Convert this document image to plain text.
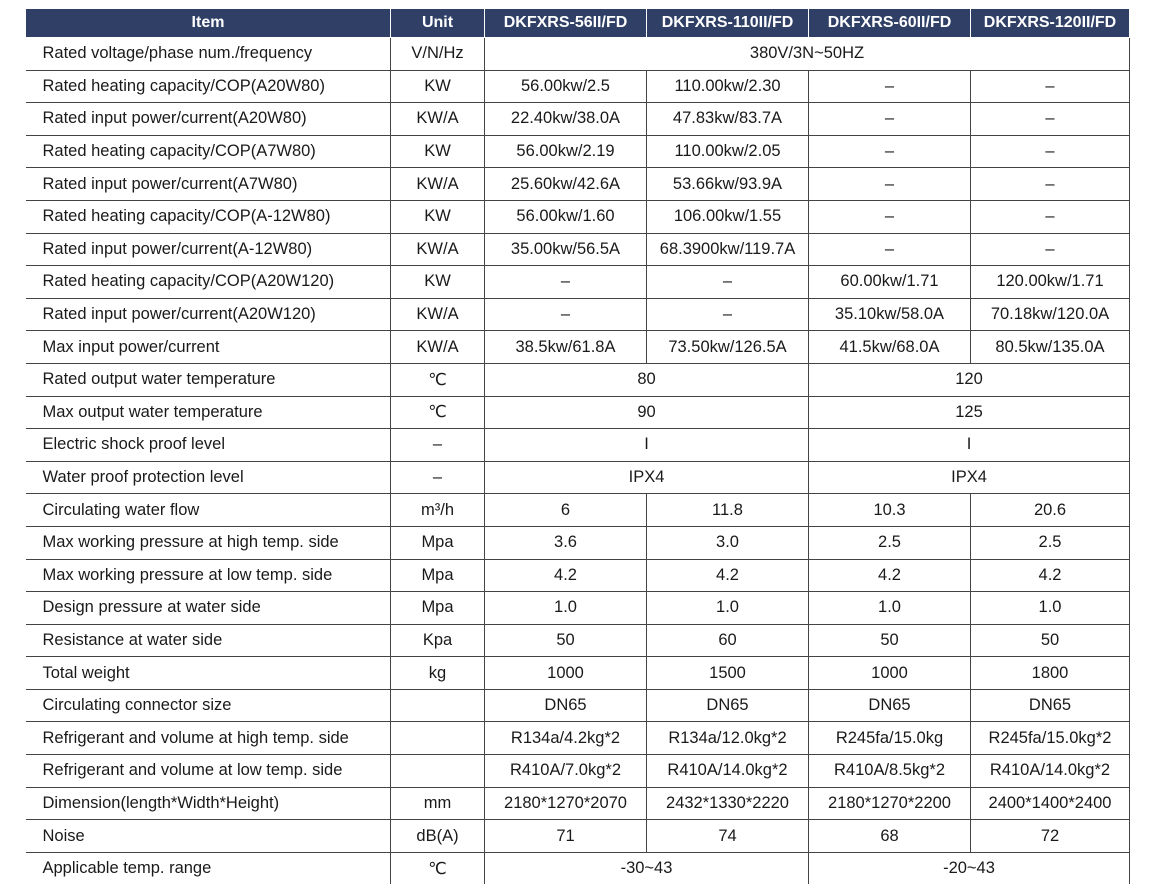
Item	Unit	DKFXRS-56II/FD	DKFXRS-110II/FD	DKFXRS-60II/FD	DKFXRS-120II/FD
Rated voltage/phase num./frequency	V/N/Hz	380V/3N~50HZ			
Rated heating capacity/COP(A20W80)	KW	56.00kw/2.5	110.00kw/2.30	–	–
Rated input power/current(A20W80)	KW/A	22.40kw/38.0A	47.83kw/83.7A	–	–
Rated heating capacity/COP(A7W80)	KW	56.00kw/2.19	110.00kw/2.05	–	–
Rated input power/current(A7W80)	KW/A	25.60kw/42.6A	53.66kw/93.9A	–	–
Rated heating capacity/COP(A-12W80)	KW	56.00kw/1.60	106.00kw/1.55	–	–
Rated input power/current(A-12W80)	KW/A	35.00kw/56.5A	68.3900kw/119.7A	–	–
Rated heating capacity/COP(A20W120)	KW	–	–	60.00kw/1.71	120.00kw/1.71
Rated input power/current(A20W120)	KW/A	–	–	35.10kw/58.0A	70.18kw/120.0A
Max input power/current	KW/A	38.5kw/61.8A	73.50kw/126.5A	41.5kw/68.0A	80.5kw/135.0A
Rated output water temperature	℃	80		120	
Max output water temperature	℃	90		125	
Electric shock proof level	–	I		I	
Water proof protection level	–	IPX4		IPX4	
Circulating water flow	m³/h	6	11.8	10.3	20.6
Max working pressure at high temp. side	Mpa	3.6	3.0	2.5	2.5
Max working pressure at low temp. side	Mpa	4.2	4.2	4.2	4.2
Design pressure at water side	Mpa	1.0	1.0	1.0	1.0
Resistance at water side	Kpa	50	60	50	50
Total weight	kg	1000	1500	1000	1800
Circulating connector size		DN65	DN65	DN65	DN65
Refrigerant and volume at high temp. side		R134a/4.2kg*2	R134a/12.0kg*2	R245fa/15.0kg	R245fa/15.0kg*2
Refrigerant and volume at low temp. side		R410A/7.0kg*2	R410A/14.0kg*2	R410A/8.5kg*2	R410A/14.0kg*2
Dimension(length*Width*Height)	mm	2180*1270*2070	2432*1330*2220	2180*1270*2200	2400*1400*2400
Noise	dB(A)	71	74	68	72
Applicable temp. range	℃	-30~43		-20~43	
